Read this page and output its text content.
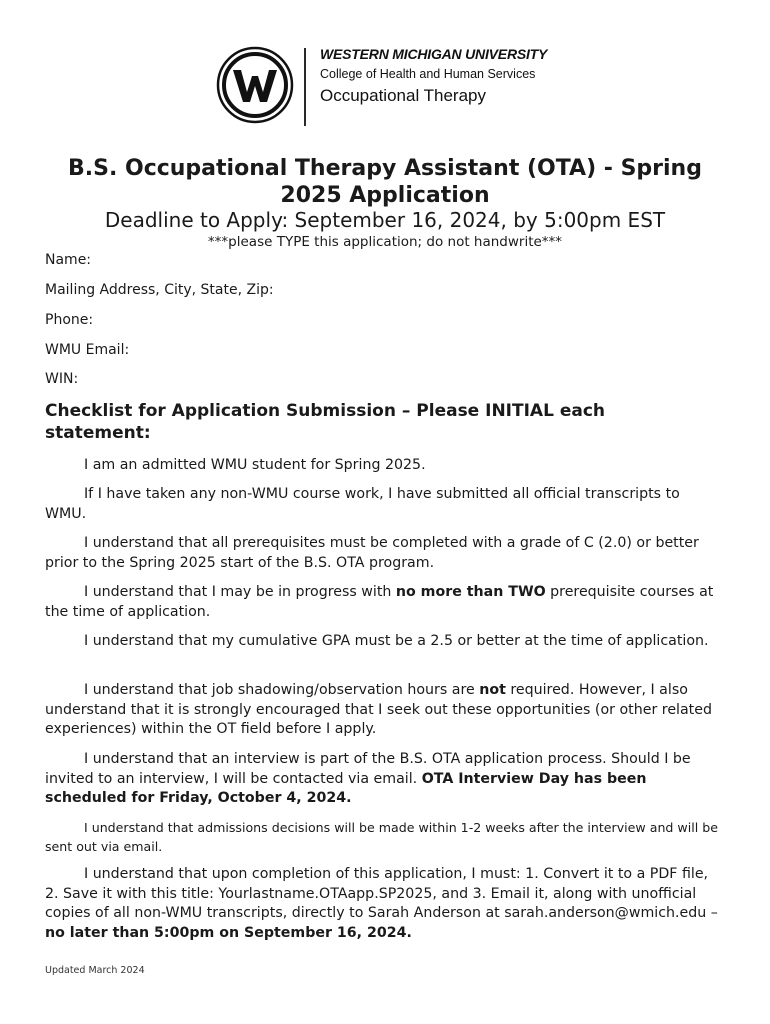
WESTERN MICHIGAN UNIVERSITY
College of Health and Human Services
Occupational Therapy
B.S. Occupational Therapy Assistant (OTA) - Spring 2025 Application
Deadline to Apply: September 16, 2024, by 5:00pm EST
***please TYPE this application; do not handwrite***
Name:
Mailing Address, City, State, Zip:
Phone:
WMU Email:
WIN:
Checklist for Application Submission – Please INITIAL each statement:
I am an admitted WMU student for Spring 2025.
If I have taken any non-WMU course work, I have submitted all official transcripts to WMU.
I understand that all prerequisites must be completed with a grade of C (2.0) or better prior to the Spring 2025 start of the B.S. OTA program.
I understand that I may be in progress with no more than TWO prerequisite courses at the time of application.
I understand that my cumulative GPA must be a 2.5 or better at the time of application.
I understand that job shadowing/observation hours are not required. However, I also understand that it is strongly encouraged that I seek out these opportunities (or other related experiences) within the OT field before I apply.
I understand that an interview is part of the B.S. OTA application process. Should I be invited to an interview, I will be contacted via email. OTA Interview Day has been scheduled for Friday, October 4, 2024.
I understand that admissions decisions will be made within 1-2 weeks after the interview and will be sent out via email.
I understand that upon completion of this application, I must: 1. Convert it to a PDF file, 2. Save it with this title: Yourlastname.OTAapp.SP2025, and 3. Email it, along with unofficial copies of all non-WMU transcripts, directly to Sarah Anderson at sarah.anderson@wmich.edu – no later than 5:00pm on September 16, 2024.
Updated March 2024
